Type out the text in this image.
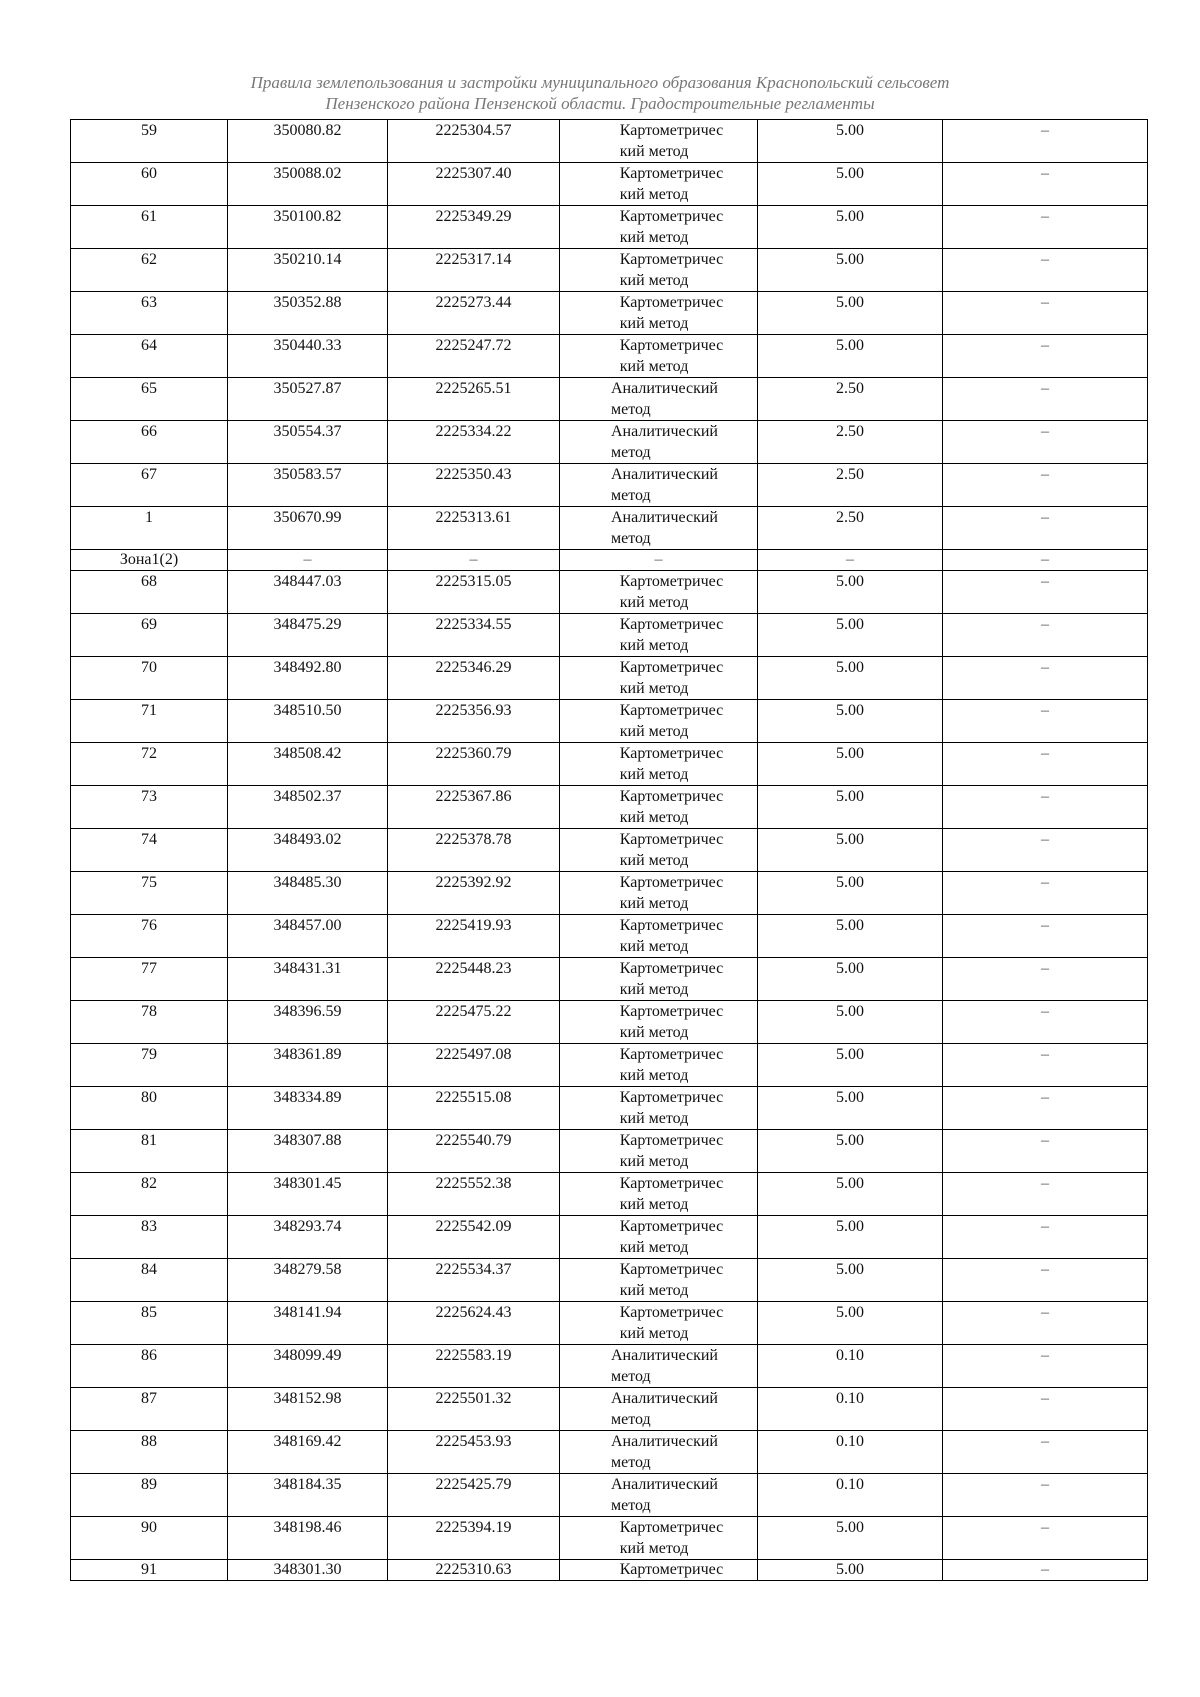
Правила землепользования и застройки муниципального образования Краснопольский сельсовет
Пензенского района Пензенской области. Градостроительные регламенты
59	350080.82	2225304.57	Картометричес
кий метод	5.00	–
60	350088.02	2225307.40	Картометричес
кий метод	5.00	–
61	350100.82	2225349.29	Картометричес
кий метод	5.00	–
62	350210.14	2225317.14	Картометричес
кий метод	5.00	–
63	350352.88	2225273.44	Картометричес
кий метод	5.00	–
64	350440.33	2225247.72	Картометричес
кий метод	5.00	–
65	350527.87	2225265.51	Аналитический
метод	2.50	–
66	350554.37	2225334.22	Аналитический
метод	2.50	–
67	350583.57	2225350.43	Аналитический
метод	2.50	–
1	350670.99	2225313.61	Аналитический
метод	2.50	–
Зона1(2)	–	–	–	–	–
68	348447.03	2225315.05	Картометричес
кий метод	5.00	–
69	348475.29	2225334.55	Картометричес
кий метод	5.00	–
70	348492.80	2225346.29	Картометричес
кий метод	5.00	–
71	348510.50	2225356.93	Картометричес
кий метод	5.00	–
72	348508.42	2225360.79	Картометричес
кий метод	5.00	–
73	348502.37	2225367.86	Картометричес
кий метод	5.00	–
74	348493.02	2225378.78	Картометричес
кий метод	5.00	–
75	348485.30	2225392.92	Картометричес
кий метод	5.00	–
76	348457.00	2225419.93	Картометричес
кий метод	5.00	–
77	348431.31	2225448.23	Картометричес
кий метод	5.00	–
78	348396.59	2225475.22	Картометричес
кий метод	5.00	–
79	348361.89	2225497.08	Картометричес
кий метод	5.00	–
80	348334.89	2225515.08	Картометричес
кий метод	5.00	–
81	348307.88	2225540.79	Картометричес
кий метод	5.00	–
82	348301.45	2225552.38	Картометричес
кий метод	5.00	–
83	348293.74	2225542.09	Картометричес
кий метод	5.00	–
84	348279.58	2225534.37	Картометричес
кий метод	5.00	–
85	348141.94	2225624.43	Картометричес
кий метод	5.00	–
86	348099.49	2225583.19	Аналитический
метод	0.10	–
87	348152.98	2225501.32	Аналитический
метод	0.10	–
88	348169.42	2225453.93	Аналитический
метод	0.10	–
89	348184.35	2225425.79	Аналитический
метод	0.10	–
90	348198.46	2225394.19	Картометричес
кий метод	5.00	–
91	348301.30	2225310.63	Картометричес	5.00	–
